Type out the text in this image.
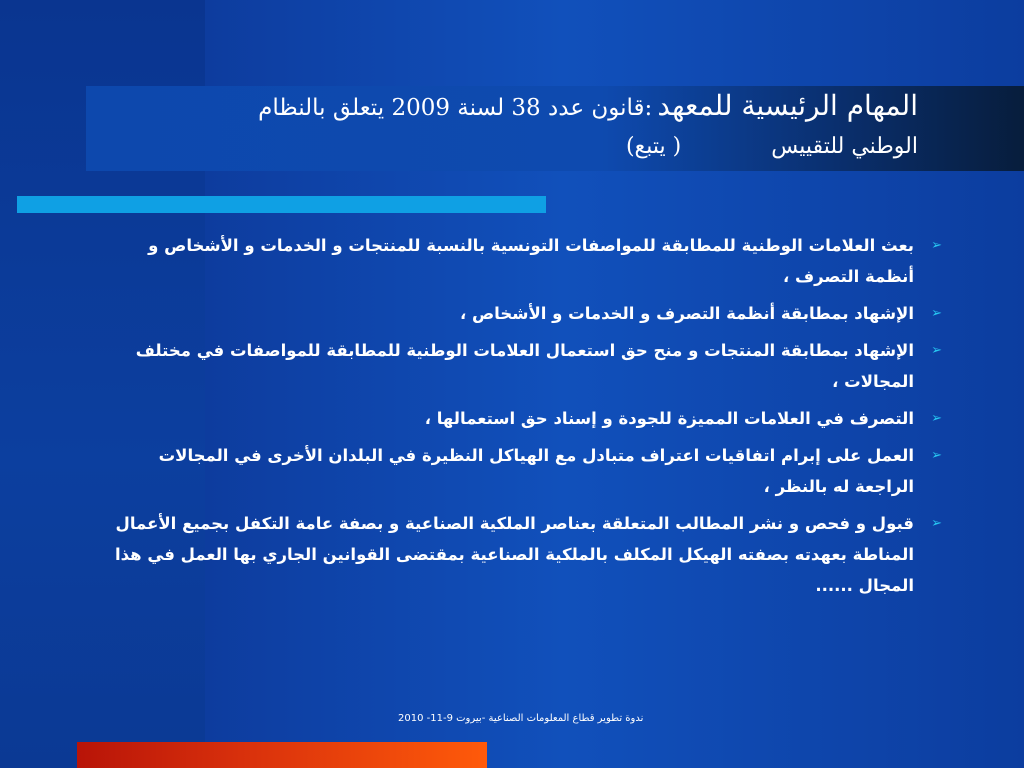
المهام الرئيسية للمعهد :قانون عدد 38 لسنة 2009 يتعلق بالنظام
الوطني للتقييس( يتبع)
➢
بعث العلامات الوطنية للمطابقة للمواصفات التونسية بالنسبة للمنتجات و الخدمات و الأشخاص و أنظمة التصرف ،
➢
الإشهاد بمطابقة أنظمة التصرف و الخدمات و الأشخاص ،
➢
الإشهاد بمطابقة المنتجات و منح حق استعمال العلامات الوطنية للمطابقة للمواصفات في مختلف المجالات ،
➢
التصرف في العلامات المميزة للجودة و إسناد حق استعمالها ،
➢
العمل على إبرام اتفاقيات اعتراف متبادل مع الهياكل النظيرة في البلدان الأخرى في المجالات الراجعة له بالنظر ،
➢
قبول و فحص و نشر المطالب المتعلقة بعناصر الملكية الصناعية و بصفة عامة التكفل بجميع الأعمال المناطة بعهدته بصفته الهيكل المكلف بالملكية الصناعية بمقتضى القوانين الجاري بها العمل في هذا المجال ......
ندوة تطوير قطاع المعلومات الصناعية -بيروت 9-11- 2010
